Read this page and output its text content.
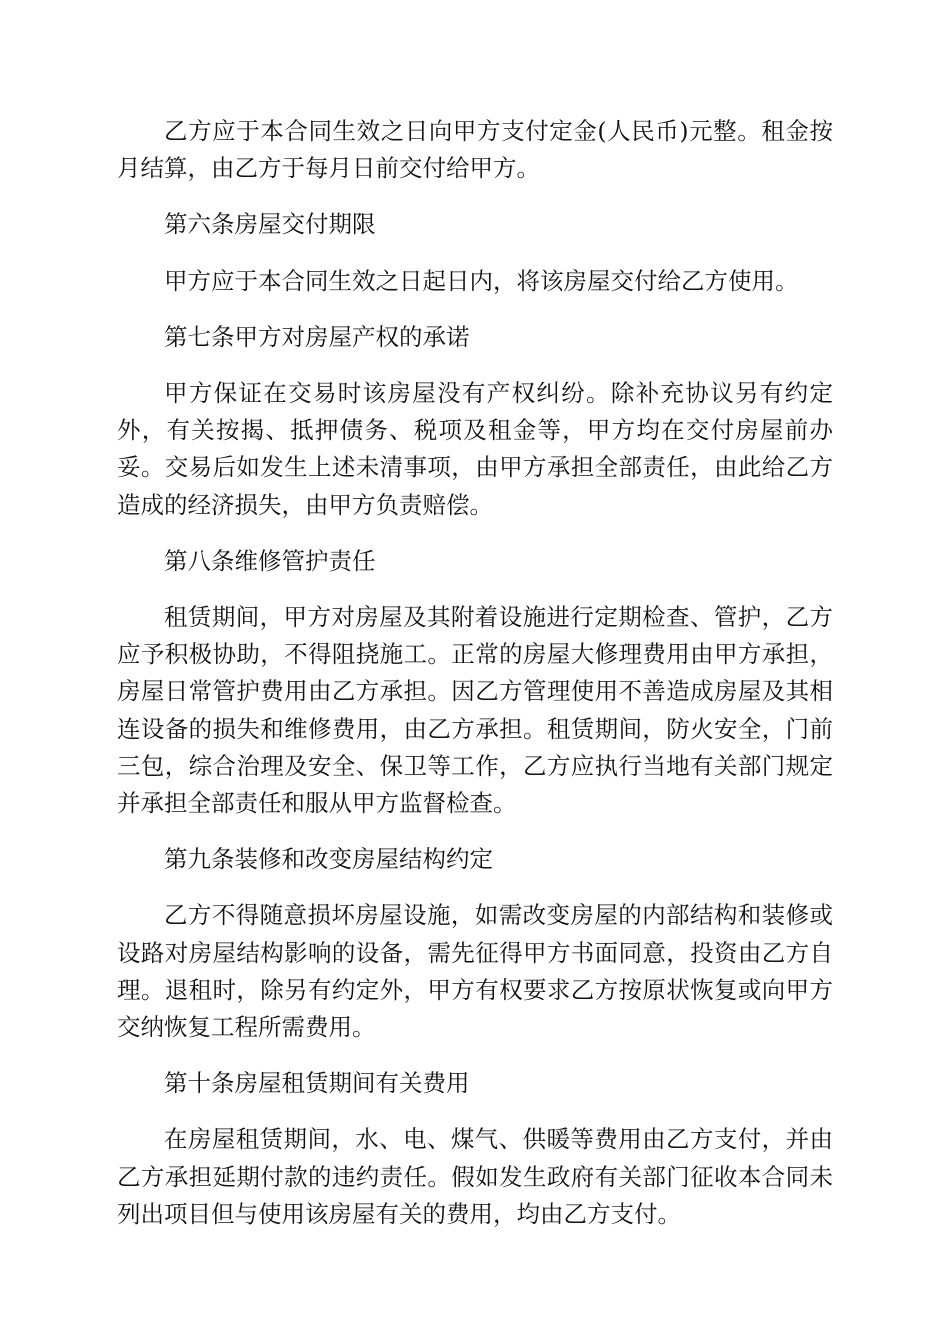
乙方应于本合同生效之日向甲方支付定金(人民币)元整。租金按月结算，由乙方于每月日前交付给甲方。

第六条房屋交付期限

甲方应于本合同生效之日起日内，将该房屋交付给乙方使用。

第七条甲方对房屋产权的承诺

甲方保证在交易时该房屋没有产权纠纷。除补充协议另有约定外，有关按揭、抵押债务、税项及租金等，甲方均在交付房屋前办妥。交易后如发生上述未清事项，由甲方承担全部责任，由此给乙方造成的经济损失，由甲方负责赔偿。

第八条维修管护责任

租赁期间，甲方对房屋及其附着设施进行定期检查、管护，乙方应予积极协助，不得阻挠施工。正常的房屋大修理费用由甲方承担，房屋日常管护费用由乙方承担。因乙方管理使用不善造成房屋及其相连设备的损失和维修费用，由乙方承担。租赁期间，防火安全，门前三包，综合治理及安全、保卫等工作，乙方应执行当地有关部门规定并承担全部责任和服从甲方监督检查。

第九条装修和改变房屋结构约定

乙方不得随意损坏房屋设施，如需改变房屋的内部结构和装修或设路对房屋结构影响的设备，需先征得甲方书面同意，投资由乙方自理。退租时，除另有约定外，甲方有权要求乙方按原状恢复或向甲方交纳恢复工程所需费用。

第十条房屋租赁期间有关费用

在房屋租赁期间，水、电、煤气、供暖等费用由乙方支付，并由乙方承担延期付款的违约责任。假如发生政府有关部门征收本合同未列出项目但与使用该房屋有关的费用，均由乙方支付。
